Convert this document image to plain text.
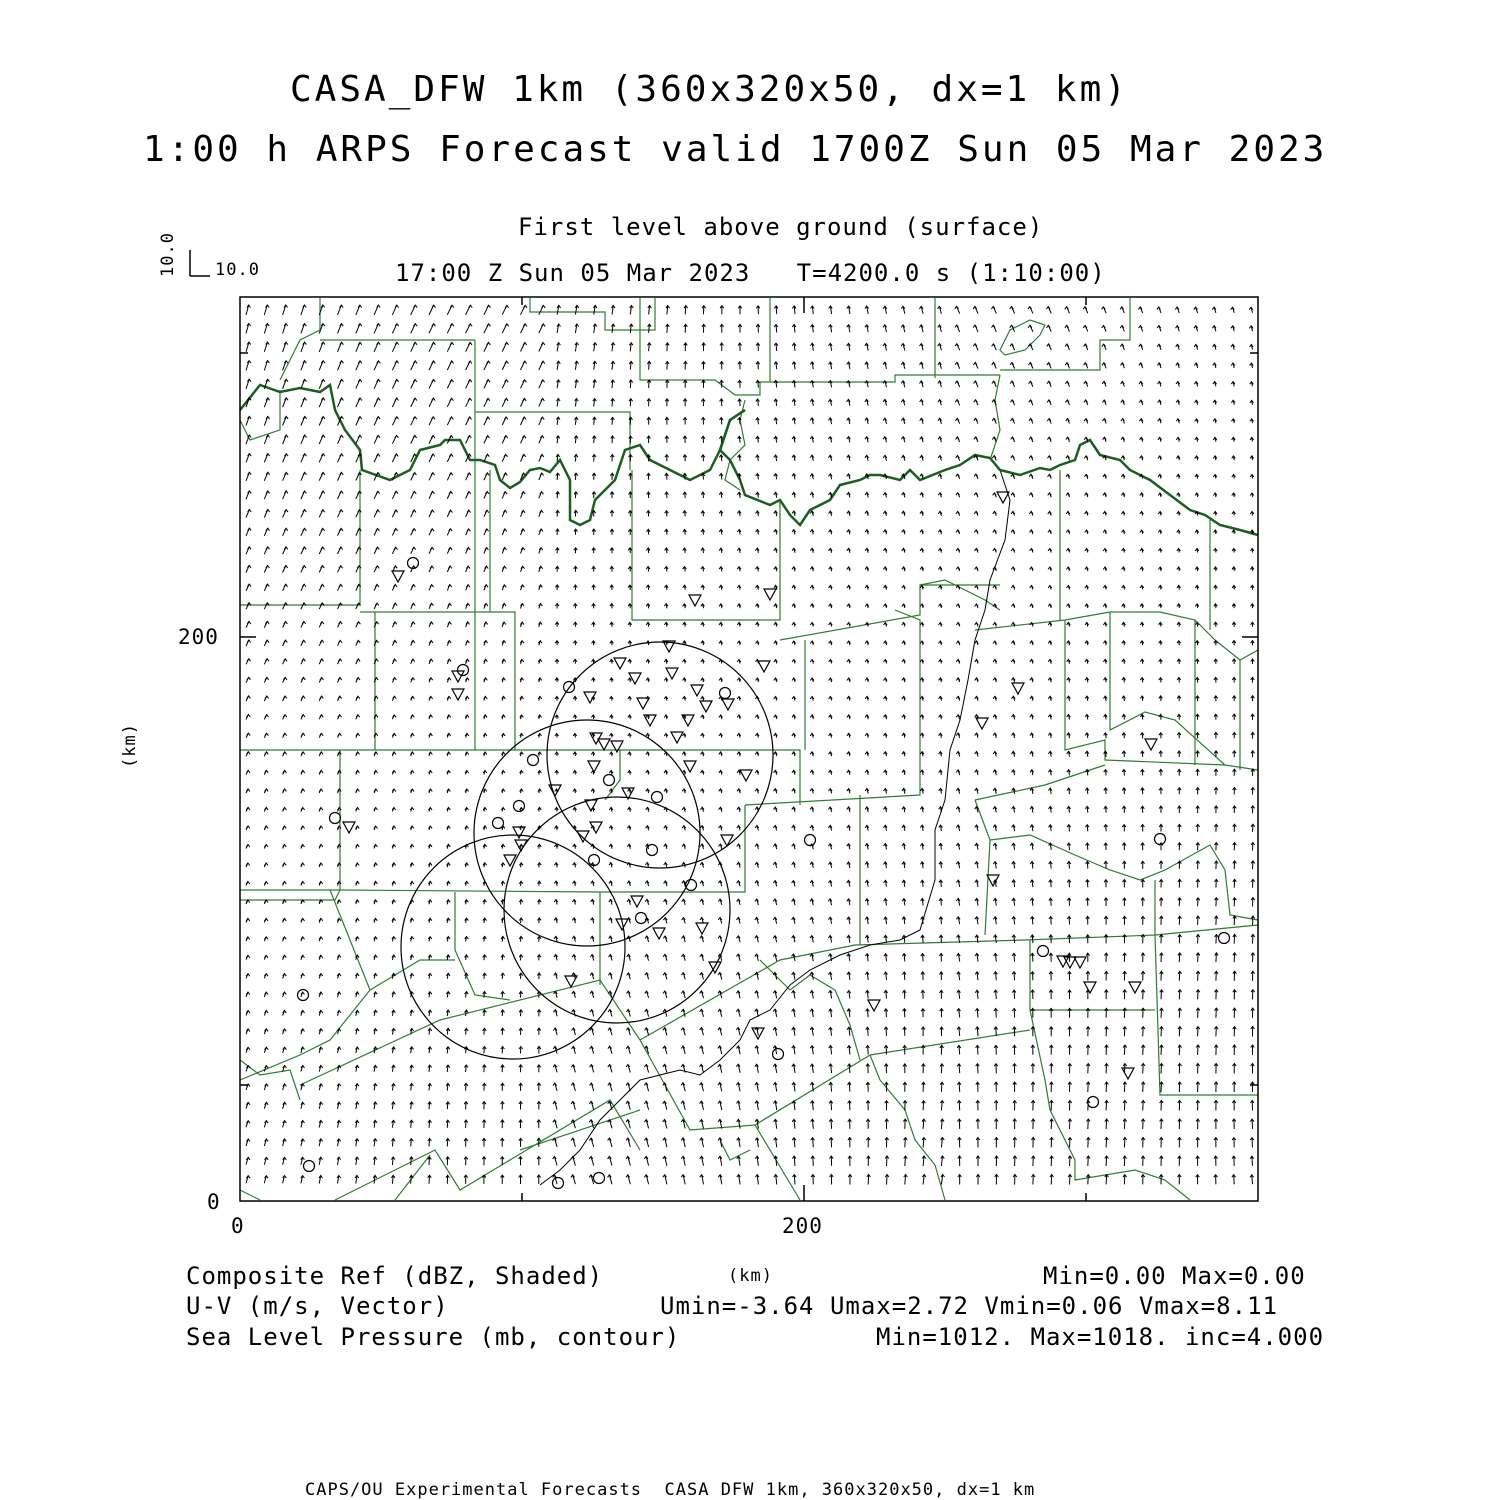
CASA_DFW 1km (360x320x50, dx=1 km)
1:00 h ARPS Forecast valid 1700Z Sun 05 Mar 2023
First level above ground (surface)
17:00 Z Sun 05 Mar 2023   T=4200.0 s (1:10:00)
10.0 10.0
200
0
0	200
(km)
(km)
Composite Ref (dBZ, Shaded)	Min=0.00 Max=0.00
U-V (m/s, Vector)	Umin=-3.64 Umax=2.72 Vmin=0.06 Vmax=8.11
Sea Level Pressure (mb, contour)	Min=1012. Max=1018. inc=4.000
CAPS/OU Experimental Forecasts  CASA DFW 1km, 360x320x50, dx=1 km
